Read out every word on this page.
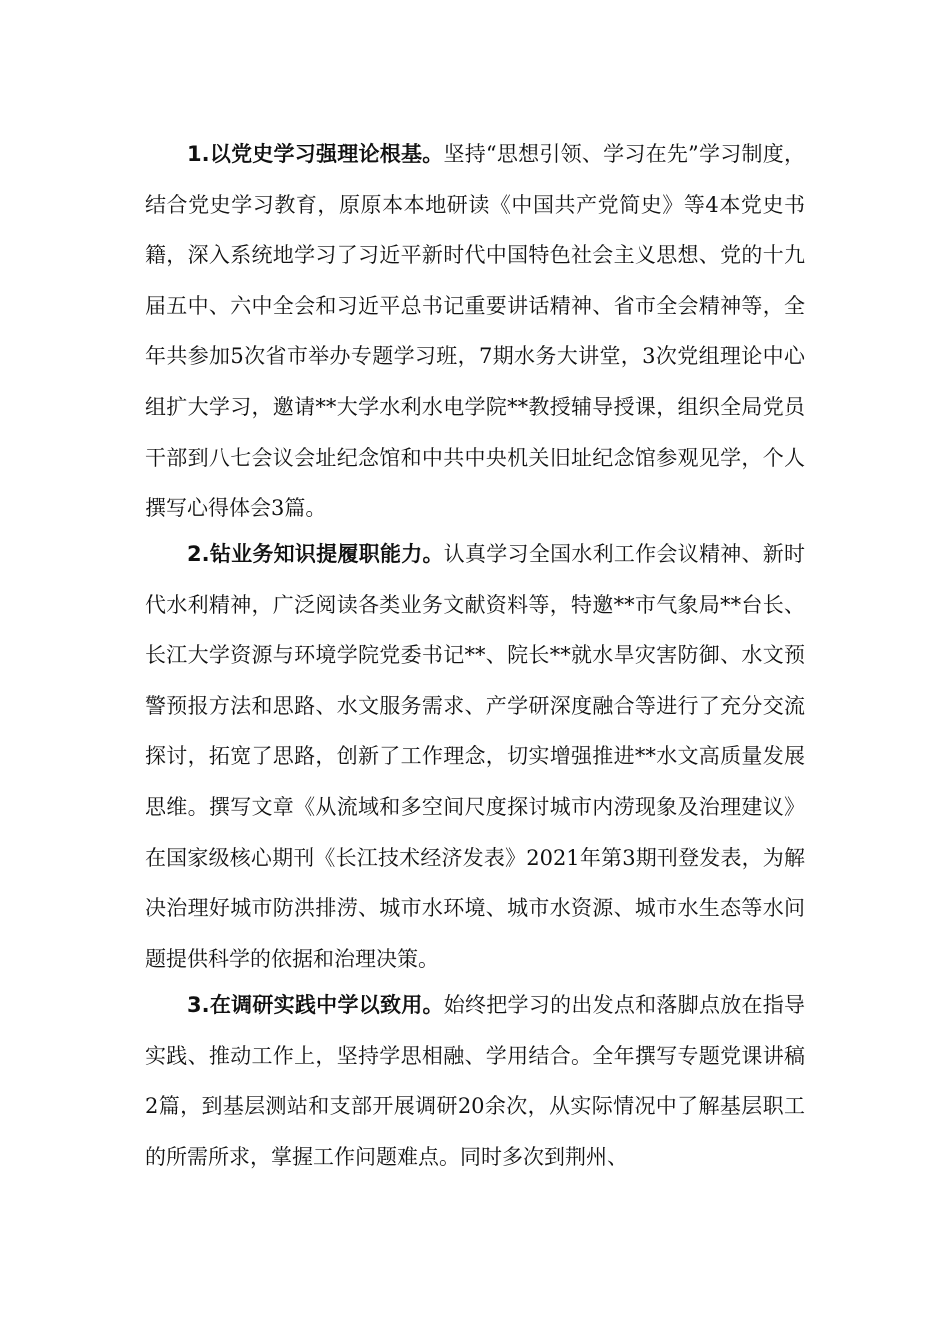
1.以党史学习强理论根基。坚持“思想引领、学习在先”学习制度，结合党史学习教育，原原本本地研读《中国共产党简史》等4本党史书籍，深入系统地学习了习近平新时代中国特色社会主义思想、党的十九届五中、六中全会和习近平总书记重要讲话精神、省市全会精神等，全年共参加5次省市举办专题学习班，7期水务大讲堂，3次党组理论中心组扩大学习，邀请**大学水利水电学院**教授辅导授课，组织全局党员干部到八七会议会址纪念馆和中共中央机关旧址纪念馆参观见学，个人撰写心得体会3篇。

2.钻业务知识提履职能力。认真学习全国水利工作会议精神、新时代水利精神，广泛阅读各类业务文献资料等，特邀**市气象局**台长、长江大学资源与环境学院党委书记**、院长**就水旱灾害防御、水文预警预报方法和思路、水文服务需求、产学研深度融合等进行了充分交流探讨，拓宽了思路，创新了工作理念，切实增强推进**水文高质量发展思维。撰写文章《从流域和多空间尺度探讨城市内涝现象及治理建议》在国家级核心期刊《长江技术经济发表》2021年第3期刊登发表，为解决治理好城市防洪排涝、城市水环境、城市水资源、城市水生态等水问题提供科学的依据和治理决策。

3.在调研实践中学以致用。始终把学习的出发点和落脚点放在指导实践、推动工作上，坚持学思相融、学用结合。全年撰写专题党课讲稿2篇，到基层测站和支部开展调研20余次，从实际情况中了解基层职工的所需所求，掌握工作问题难点。同时多次到荆州、
